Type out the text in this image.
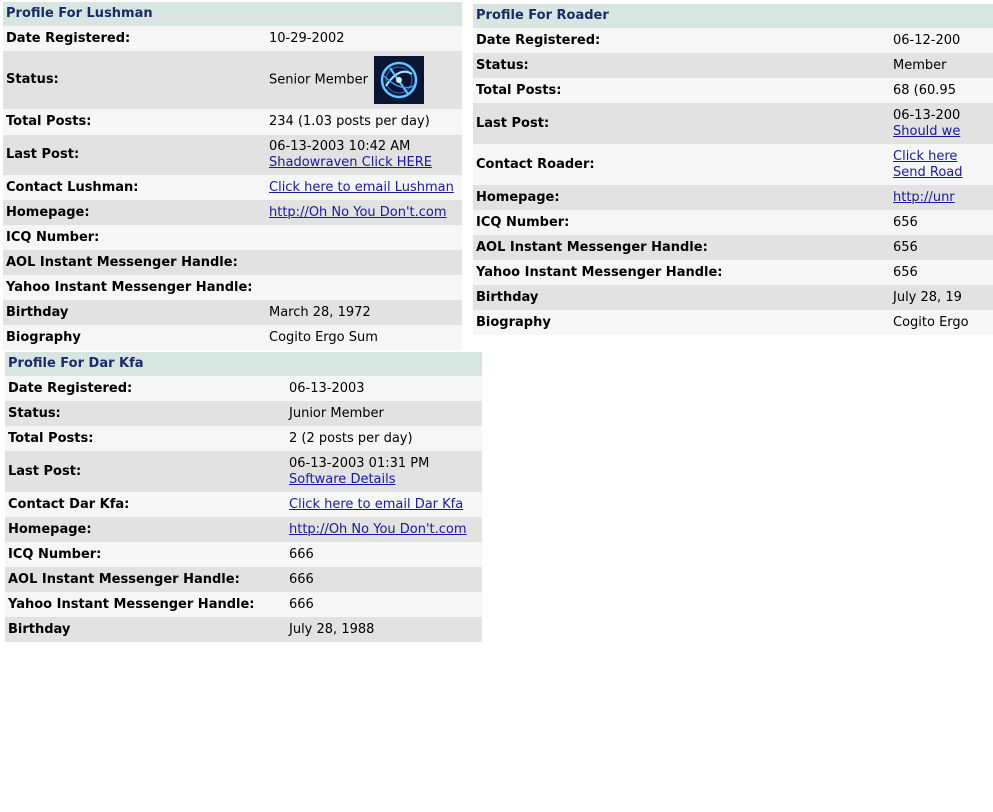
Profile For Lushman	
Date Registered:	10-29-2002
Status:	Senior Member
Total Posts:	234 (1.03 posts per day)
Last Post:	06-13-2003 10:42 AM
Shadowraven Click HERE
Contact Lushman:	Click here to email Lushman
Homepage:	http://Oh No You Don't.com
ICQ Number:	
AOL Instant Messenger Handle:	
Yahoo Instant Messenger Handle:	
Birthday	March 28, 1972
Biography	Cogito Ergo Sum
Profile For Roader	
Date Registered:	06-12-200
Status:	Member
Total Posts:	68 (60.95
Last Post:	06-13-200
Should we
Contact Roader:	Click here
Send Road

Homepage:	http://unr
ICQ Number:	656
AOL Instant Messenger Handle:	656
Yahoo Instant Messenger Handle:	656
Birthday	July 28, 19
Biography	Cogito Ergo
Profile For Dar Kfa	
Date Registered:	06-13-2003
Status:	Junior Member
Total Posts:	2 (2 posts per day)
Last Post:	06-13-2003 01:31 PM
Software Details
Contact Dar Kfa:	Click here to email Dar Kfa
Homepage:	http://Oh No You Don't.com
ICQ Number:	666
AOL Instant Messenger Handle:	666
Yahoo Instant Messenger Handle:	666
Birthday	July 28, 1988
